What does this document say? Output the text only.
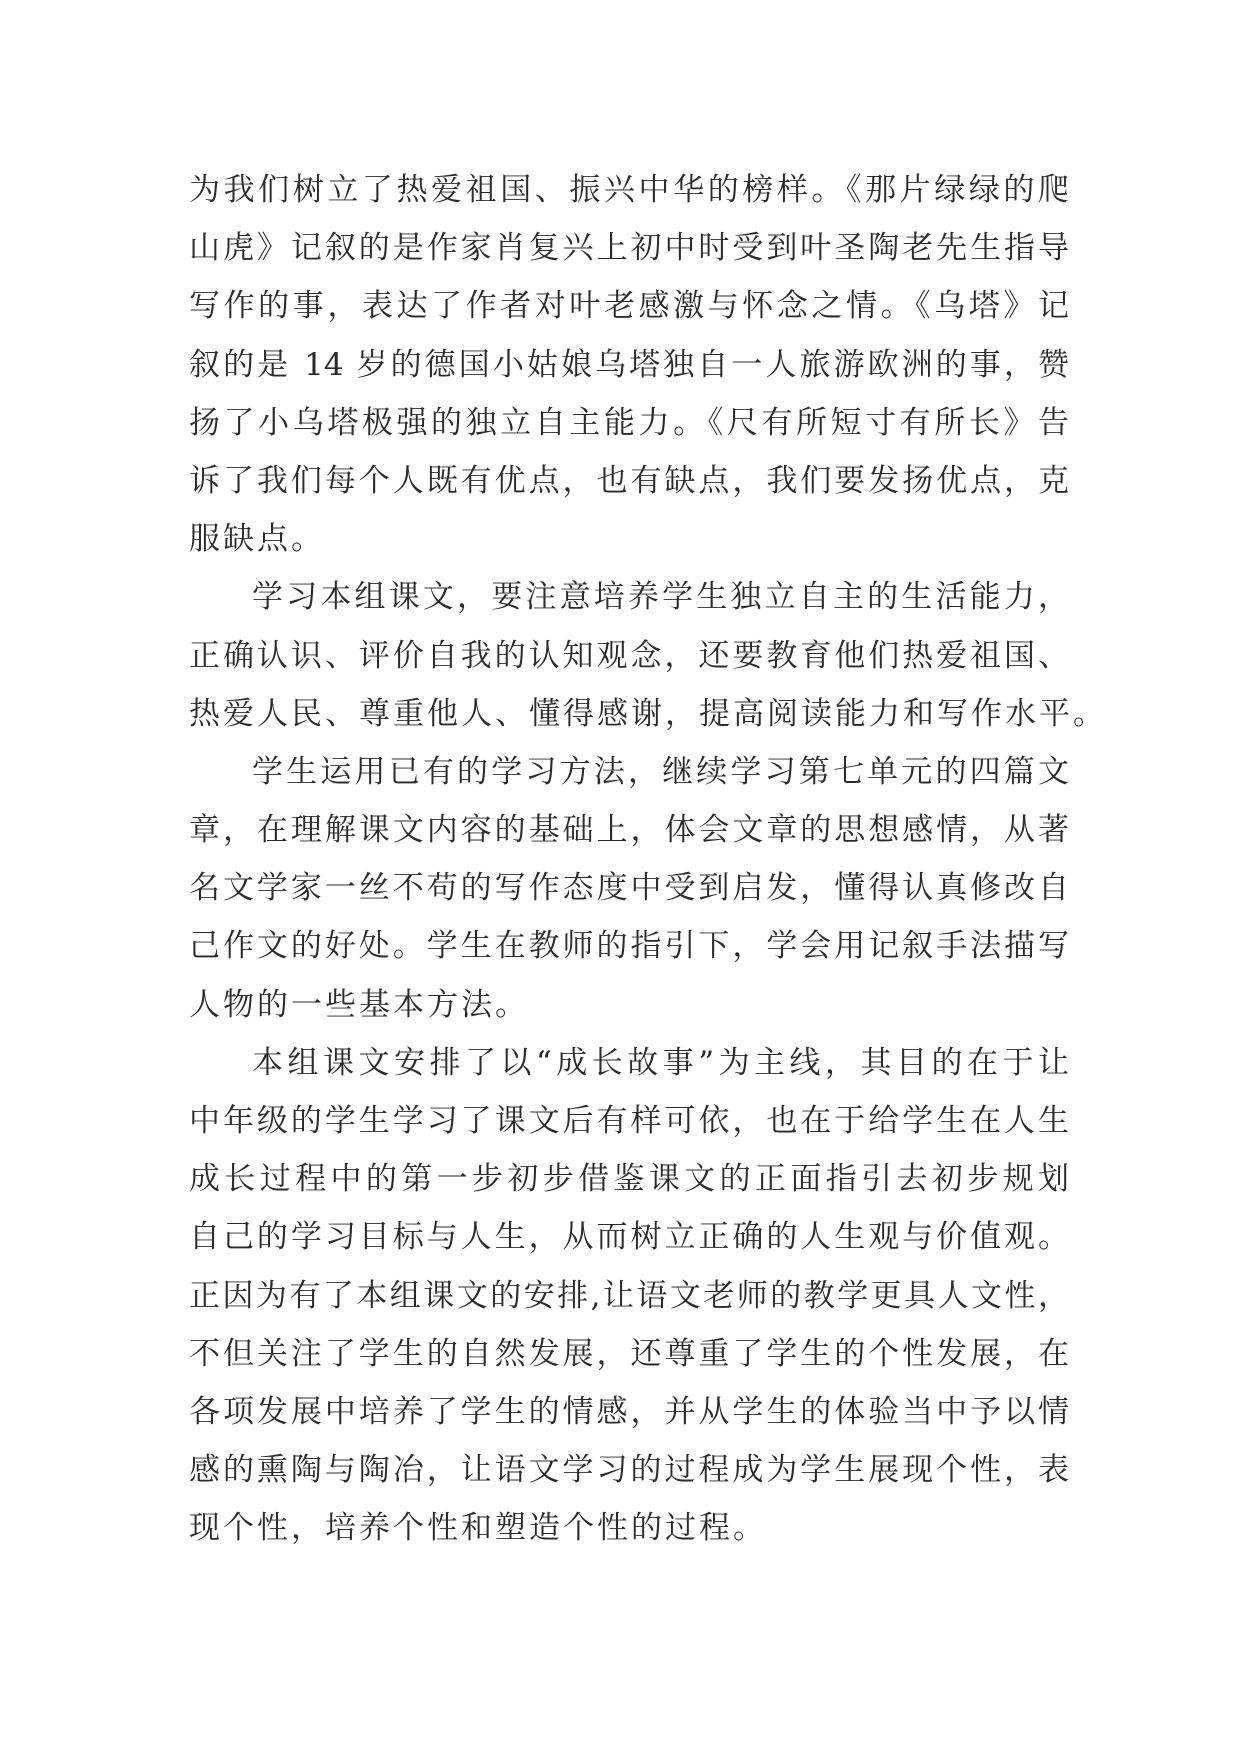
为我们树立了热爱祖国、振兴中华的榜样。《那片绿绿的爬
山虎》记叙的是作家肖复兴上初中时受到叶圣陶老先生指导
写作的事，表达了作者对叶老感激与怀念之情。《乌塔》记
叙的是 14 岁的德国小姑娘乌塔独自一人旅游欧洲的事，赞
扬了小乌塔极强的独立自主能力。《尺有所短寸有所长》告
诉了我们每个人既有优点，也有缺点，我们要发扬优点，克
服缺点。
学习本组课文，要注意培养学生独立自主的生活能力，
正确认识、评价自我的认知观念，还要教育他们热爱祖国、
热爱人民、尊重他人、懂得感谢，提高阅读能力和写作水平。
学生运用已有的学习方法，继续学习第七单元的四篇文
章，在理解课文内容的基础上，体会文章的思想感情，从著
名文学家一丝不苟的写作态度中受到启发，懂得认真修改自
己作文的好处。学生在教师的指引下，学会用记叙手法描写
人物的一些基本方法。
本组课文安排了以“成长故事”为主线，其目的在于让
中年级的学生学习了课文后有样可依，也在于给学生在人生
成长过程中的第一步初步借鉴课文的正面指引去初步规划
自己的学习目标与人生，从而树立正确的人生观与价值观。
正因为有了本组课文的安排,让语文老师的教学更具人文性，
不但关注了学生的自然发展，还尊重了学生的个性发展，在
各项发展中培养了学生的情感，并从学生的体验当中予以情
感的熏陶与陶冶，让语文学习的过程成为学生展现个性，表
现个性，培养个性和塑造个性的过程。
